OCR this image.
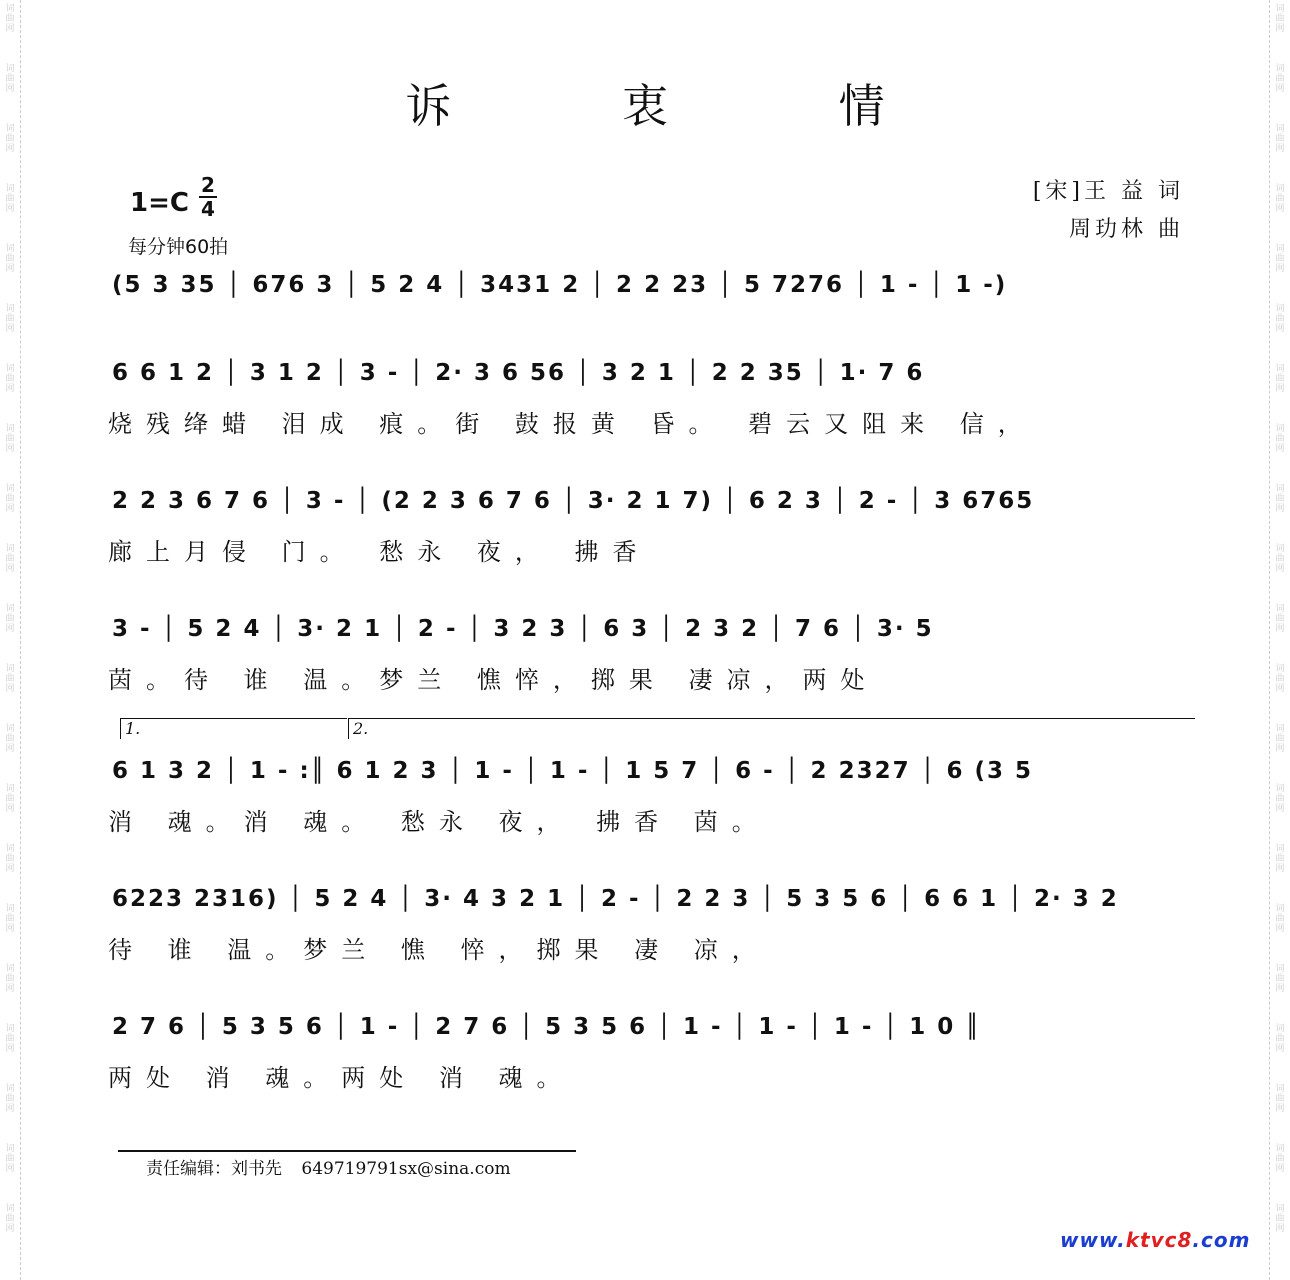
词
曲
网
词
曲
网
词
曲
网
词
曲
网
词
曲
网
词
曲
网
词
曲
网
词
曲
网
词
曲
网
词
曲
网
词
曲
网
词
曲
网
词
曲
网
词
曲
网
词
曲
网
词
曲
网
词
曲
网
词
曲
网
词
曲
网
词
曲
网
词
曲
网
词
曲
网
词
曲
网
词
曲
网
词
曲
网
词
曲
网
词
曲
网
词
曲
网
词
曲
网
词
曲
网
词
曲
网
词
曲
网
词
曲
网
词
曲
网
词
曲
网
词
曲
网
词
曲
网
词
曲
网
词
曲
网
词
曲
网
词
曲
网
词
曲
网
诉 衷 情
1=C
2
4
每分钟60拍
[宋]王 益 词
周玏林 曲
(5 3 35 │ 676 3 │ 5 2 4 │ 3431 2 │ 2 2 23 │ 5 7276 │ 1 - │ 1 -)
6 6 1 2 │ 3 1 2 │ 3 - │ 2· 3 6 56 │ 3 2 1 │ 2 2 35 │ 1· 7 6
烧残绛蜡 泪成 痕。街 鼓报黄 昏。 碧云又阻来 信，
2 2 3 6 7 6 │ 3 - │ (2 2 3 6 7 6 │ 3· 2 1 7) │ 6 2 3 │ 2 - │ 3 6765
廊上月侵 门。 愁永 夜， 拂香
3 - │ 5 2 4 │ 3· 2 1 │ 2 - │ 3 2 3 │ 6 3 │ 2 3 2 │ 7 6 │ 3· 5
茵。待 谁 温。梦兰 憔悴，掷果 凄凉，两处
1.	2.
6 1 3 2 │ 1 - :║ 6 1 2 3 │ 1 - │ 1 - │ 1 5 7 │ 6 - │ 2 2327 │ 6 (3 5
消 魂。消 魂。 愁永 夜， 拂香 茵。
6223 2316) │ 5 2 4 │ 3· 4 3 2 1 │ 2 - │ 2 2 3 │ 5 3 5 6 │ 6 6 1 │ 2· 3 2
待 谁 温。梦兰 憔 悴，掷果 凄 凉，
2 7 6 │ 5 3 5 6 │ 1 - │ 2 7 6 │ 5 3 5 6 │ 1 - │ 1 - │ 1 - │ 1 0 ║
两处 消 魂。两处 消 魂。
责任编辑：刘书先 649719791sx@sina.com
www.ktvc8.com
